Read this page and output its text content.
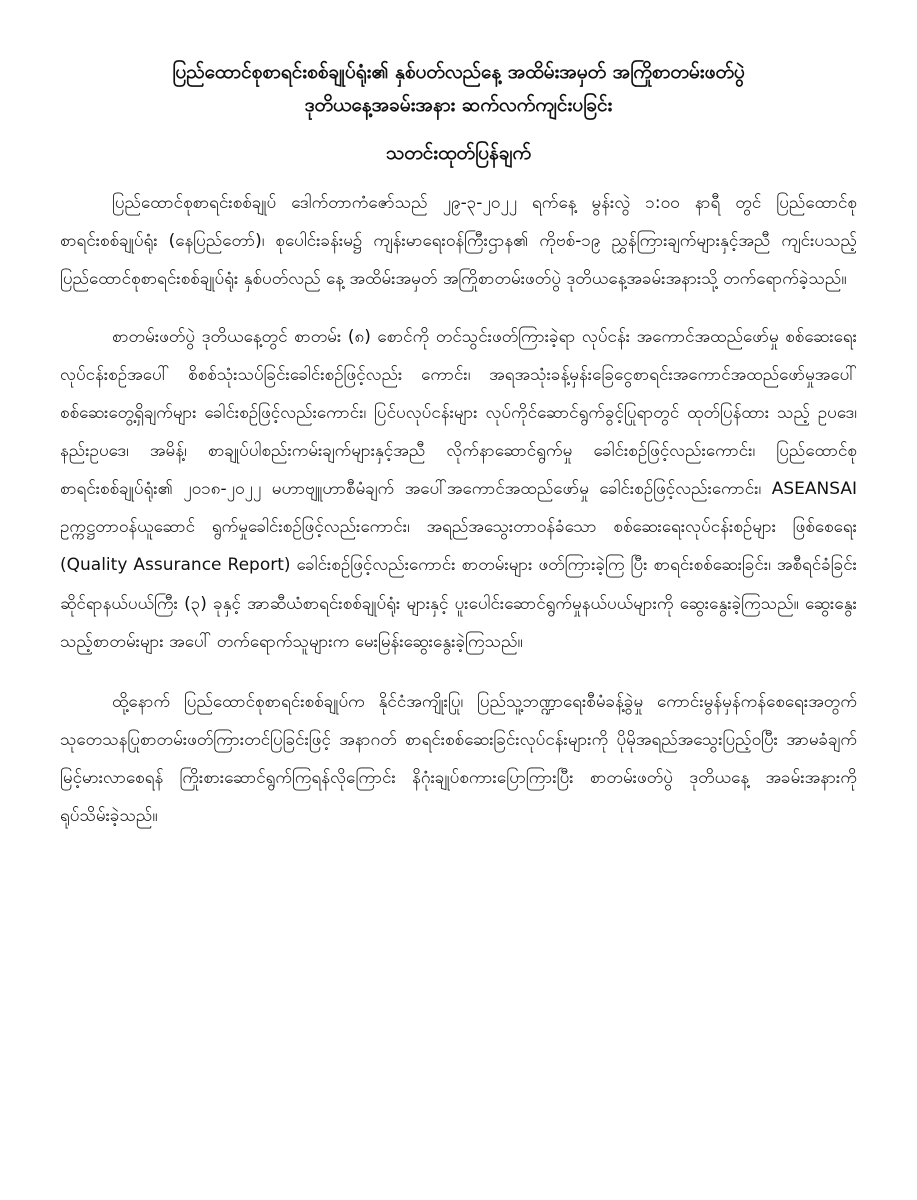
ပြည်ထောင်စုစာရင်းစစ်ချုပ်ရုံး၏ နှစ်ပတ်လည်နေ့ အထိမ်းအမှတ် အကြိုစာတမ်းဖတ်ပွဲ

ဒုတိယနေ့အခမ်းအနား ဆက်လက်ကျင်းပခြင်း

သတင်းထုတ်ပြန်ချက်

ပြည်ထောင်စုစာရင်းစစ်ချုပ် ဒေါက်တာကံဇော်သည် ၂၉-၃-၂၀၂၂ ရက်နေ့ မွန်းလွဲ ၁:၀၀ နာရီ တွင် ပြည်ထောင်စုစာရင်းစစ်ချုပ်ရုံး (နေပြည်တော်)၊ စုပေါင်းခန်းမ၌ ကျန်းမာရေးဝန်ကြီးဌာန၏ ကိုဗစ်-၁၉ ညွှန်ကြားချက်များနှင့်အညီ ကျင်းပသည့် ပြည်ထောင်စုစာရင်းစစ်ချုပ်ရုံး နှစ်ပတ်လည် နေ့ အထိမ်းအမှတ် အကြိုစာတမ်းဖတ်ပွဲ ဒုတိယနေ့အခမ်းအနားသို့ တက်ရောက်ခဲ့သည်။

စာတမ်းဖတ်ပွဲ ဒုတိယနေ့တွင် စာတမ်း (၈) စောင်ကို တင်သွင်းဖတ်ကြားခဲ့ရာ လုပ်ငန်း အကောင်အထည်ဖော်မှု စစ်ဆေးရေးလုပ်ငန်းစဉ်အပေါ် စိစစ်သုံးသပ်ခြင်းခေါင်းစဉ်ဖြင့်လည်း ကောင်း၊ အရအသုံးခန့်မှန်းခြေငွေစာရင်းအကောင်အထည်ဖော်မှုအပေါ် စစ်ဆေးတွေ့ရှိချက်များ ခေါင်းစဉ်ဖြင့်လည်းကောင်း၊ ပြင်ပလုပ်ငန်းများ လုပ်ကိုင်ဆောင်ရွက်ခွင့်ပြုရာတွင် ထုတ်ပြန်ထား သည့် ဥပဒေ၊ နည်းဥပဒေ၊ အမိန့်၊ စာချုပ်ပါစည်းကမ်းချက်များနှင့်အညီ လိုက်နာဆောင်ရွက်မှု ခေါင်းစဉ်ဖြင့်လည်းကောင်း၊ ပြည်ထောင်စုစာရင်းစစ်ချုပ်ရုံး၏ ၂၀၁၈-၂၀၂၂ မဟာဗျူဟာစီမံချက် အပေါ်အကောင်အထည်ဖော်မှု ခေါင်းစဉ်ဖြင့်လည်းကောင်း၊ ASEANSAI ဥက္ကဋ္ဌတာဝန်ယူဆောင် ရွက်မှုခေါင်းစဉ်ဖြင့်လည်းကောင်း၊ အရည်အသွေးတာဝန်ခံသော စစ်ဆေးရေးလုပ်ငန်းစဉ်များ ဖြစ်စေရေး (Quality Assurance Report) ခေါင်းစဉ်ဖြင့်လည်းကောင်း စာတမ်းများ ဖတ်ကြားခဲ့ကြ ပြီး စာရင်းစစ်ဆေးခြင်း၊ အစီရင်ခံခြင်းဆိုင်ရာနယ်ပယ်ကြီး (၃) ခုနှင့် အာဆီယံစာရင်းစစ်ချုပ်ရုံး များနှင့် ပူးပေါင်းဆောင်ရွက်မှုနယ်ပယ်များကို ဆွေးနွေးခဲ့ကြသည်။ ဆွေးနွေးသည့်စာတမ်းများ အပေါ် တက်ရောက်သူများက မေးမြန်းဆွေးနွေးခဲ့ကြသည်။

ထို့နောက် ပြည်ထောင်စုစာရင်းစစ်ချုပ်က နိုင်ငံအကျိုးပြု၊ ပြည်သူ့ဘဏ္ဍာရေးစီမံခန့်ခွဲမှု ကောင်းမွန်မှန်ကန်စေရေးအတွက် သုတေသနပြုစာတမ်းဖတ်ကြားတင်ပြခြင်းဖြင့် အနာဂတ် စာရင်းစစ်ဆေးခြင်းလုပ်ငန်းများကို ပိုမိုအရည်အသွေးပြည့်ဝပြီး အာမခံချက် မြင့်မားလာစေရန် ကြိုးစားဆောင်ရွက်ကြရန်လိုကြောင်း နိဂုံးချုပ်စကားပြောကြားပြီး စာတမ်းဖတ်ပွဲ ဒုတိယနေ့ အခမ်းအနားကို ရုပ်သိမ်းခဲ့သည်။
